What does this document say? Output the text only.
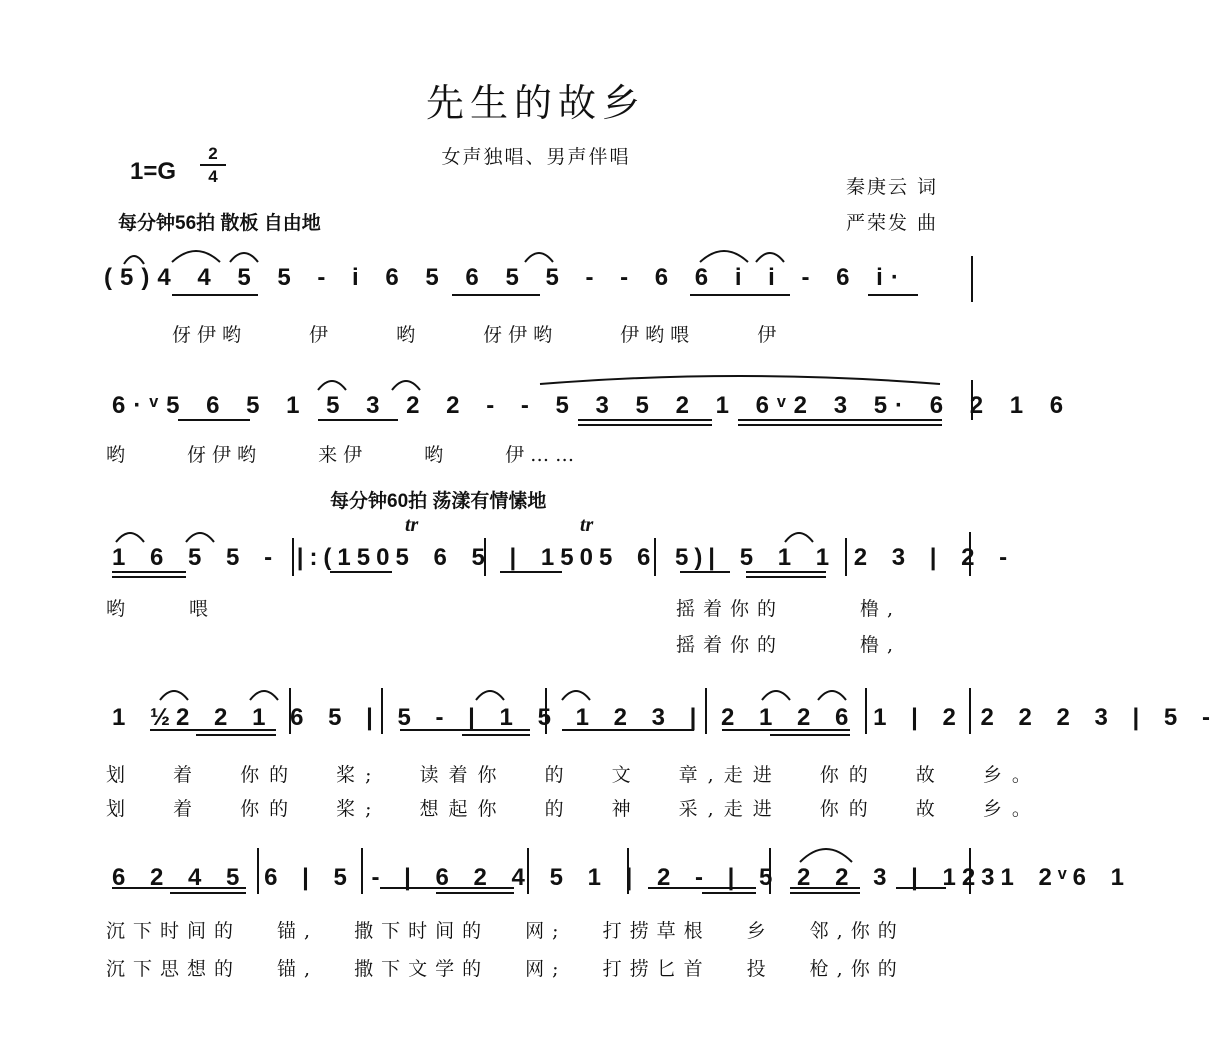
先生的故乡
女声独唱、男声伴唱
1=G
2
4	秦庚云 词
严荣发 曲
每分钟56拍 散板 自由地
(5)4 4 5 5 - i 6 5 6 5 5 - - 6 6 i i - 6 i·
伢伊哟 伊 哟 伢伊哟 伊哟喂 伊
6·ᵛ5 6 5 1 5 3 2 2 - - 5 3 5 2 1 6ᵛ2 3 5· 6 2 1 6
哟 伢伊哟 来伊 哟 伊……
每分钟60拍 荡漾有情愫地
tr	tr
1 6 5 5 - |:(1505 6 5 | 1505 6 5)| 5 1 1 2 3 | 2 -
哟 喂	摇着你的 橹,
摇着你的 橹,
1 ½2 2 1 6 5 | 5 - | 1 5 1 2 3 | 2 1 2 6 1 | 2 2 2 2 3 | 5 -
划 着 你的 桨; 读着你 的 文 章,走进 你的 故 乡。
划 着 你的 桨; 想起你 的 神 采,走进 你的 故 乡。
6 2 4 5 6 | 5 - | 6 2 4 5 1 | 2 - | 5 2 2 3 | 1231 2ᵛ6 1
沉下时间的 锚, 撒下时间的 网; 打捞草根 乡 邻,你的
沉下思想的 锚, 撒下文学的 网; 打捞匕首 投 枪,你的
